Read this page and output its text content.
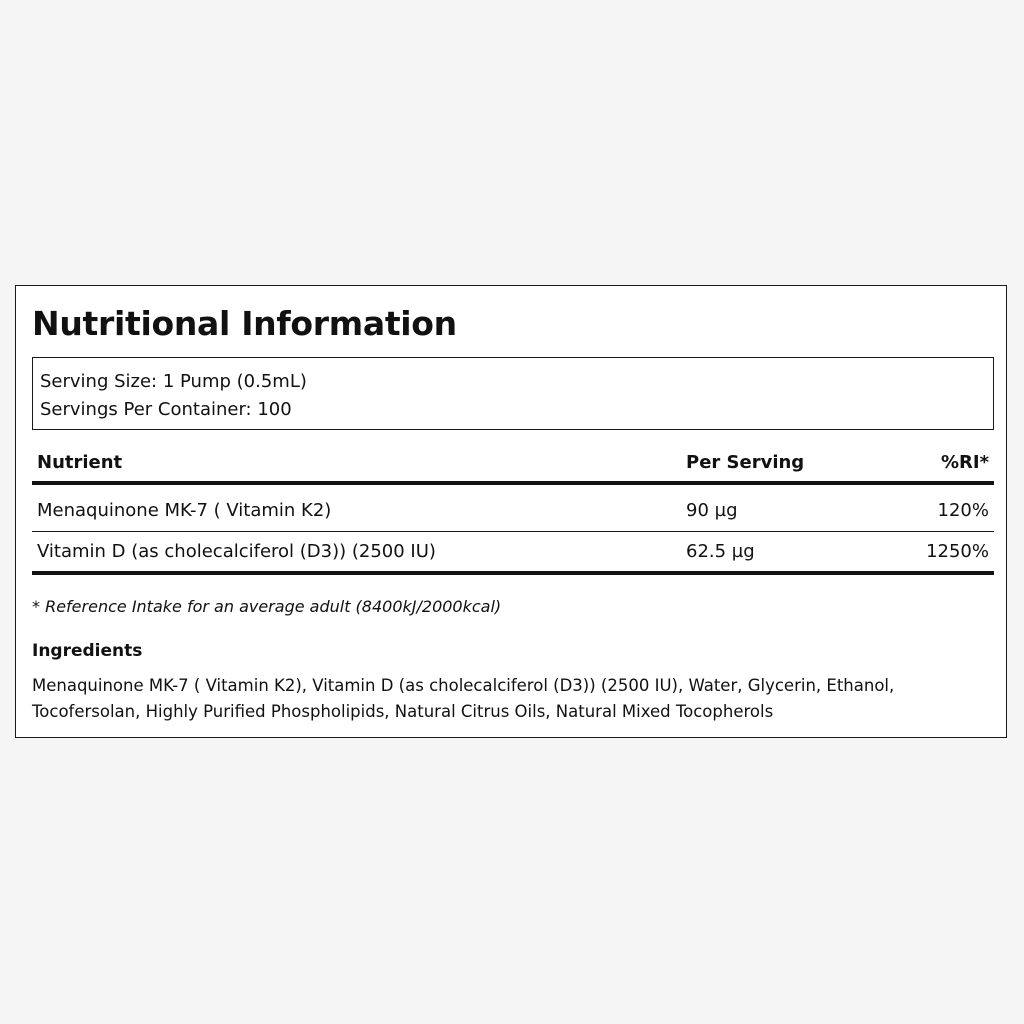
Nutritional Information
Serving Size: 1 Pump (0.5mL)
Servings Per Container: 100
Nutrient	Per Serving	%RI*
Menaquinone MK-7 ( Vitamin K2)	90 µg	120%
Vitamin D (as cholecalciferol (D3)) (2500 IU)	62.5 µg	1250%
* Reference Intake for an average adult (8400kJ/2000kcal)
Ingredients
Menaquinone MK-7 ( Vitamin K2), Vitamin D (as cholecalciferol (D3)) (2500 IU), Water, Glycerin, Ethanol, Tocofersolan, Highly Purified Phospholipids, Natural Citrus Oils, Natural Mixed Tocopherols
